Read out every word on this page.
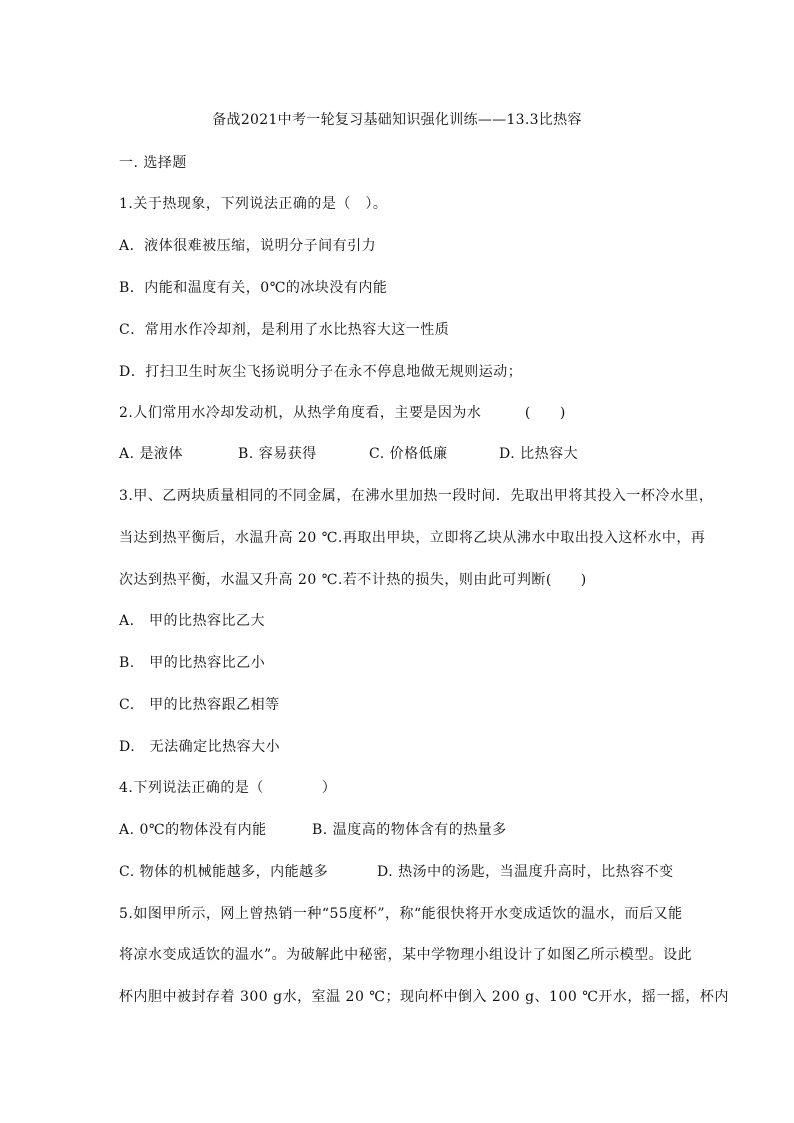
备战2021中考一轮复习基础知识强化训练——13.3比热容
一. 选择题
1.关于热现象，下列说法正确的是（　）。
A．液体很难被压缩，说明分子间有引力
B．内能和温度有关，0℃的冰块没有内能
C．常用水作冷却剂，是利用了水比热容大这一性质
D．打扫卫生时灰尘飞扬说明分子在永不停息地做无规则运动；
2.人们常用水冷却发动机，从热学角度看，主要是因为水　　　(　　)
A. 是液体	B. 容易获得	C. 价格低廉	D. 比热容大
3.甲、乙两块质量相同的不同金属，在沸水里加热一段时间．先取出甲将其投入一杯冷水里，
当达到热平衡后，水温升高 20 ℃.再取出甲块，立即将乙块从沸水中取出投入这杯水中，再
次达到热平衡，水温又升高 20 ℃.若不计热的损失，则由此可判断(　　)
A.　甲的比热容比乙大
B.　甲的比热容比乙小
C.　甲的比热容跟乙相等
D.　无法确定比热容大小
4.下列说法正确的是（　　　　）
A. 0℃的物体没有内能	B. 温度高的物体含有的热量多
C. 物体的机械能越多，内能越多	D. 热汤中的汤匙，当温度升高时，比热容不变
5.如图甲所示，网上曾热销一种“55度杯”，称“能很快将开水变成适饮的温水，而后又能
将凉水变成适饮的温水”。为破解此中秘密，某中学物理小组设计了如图乙所示模型。设此
杯内胆中被封存着 300 g水，室温 20 ℃；现向杯中倒入 200 g、100 ℃开水，摇一摇，杯内
